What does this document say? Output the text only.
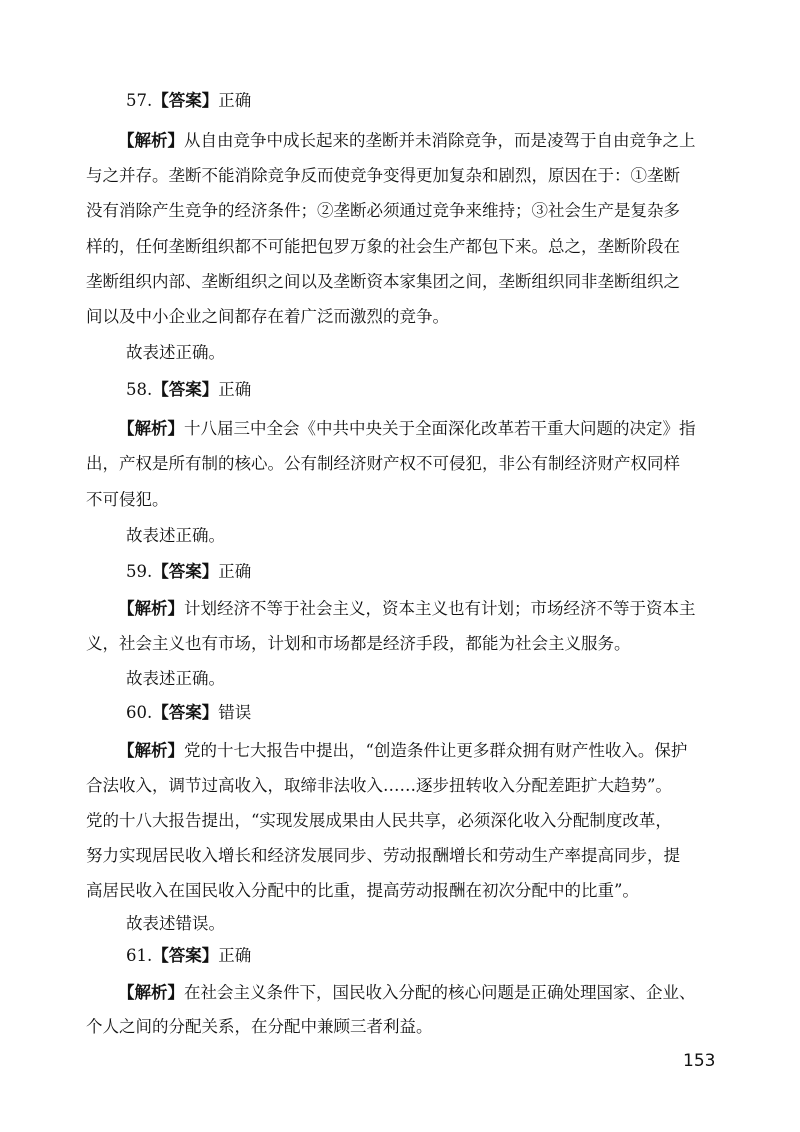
57.【答案】正确
【解析】从自由竞争中成长起来的垄断并未消除竞争，而是凌驾于自由竞争之上
与之并存。垄断不能消除竞争反而使竞争变得更加复杂和剧烈，原因在于：①垄断
没有消除产生竞争的经济条件；②垄断必须通过竞争来维持；③社会生产是复杂多
样的，任何垄断组织都不可能把包罗万象的社会生产都包下来。总之，垄断阶段在
垄断组织内部、垄断组织之间以及垄断资本家集团之间，垄断组织同非垄断组织之
间以及中小企业之间都存在着广泛而激烈的竞争。
故表述正确。
58.【答案】正确
【解析】十八届三中全会《中共中央关于全面深化改革若干重大问题的决定》指
出，产权是所有制的核心。公有制经济财产权不可侵犯，非公有制经济财产权同样
不可侵犯。
故表述正确。
59.【答案】正确
【解析】计划经济不等于社会主义，资本主义也有计划；市场经济不等于资本主
义，社会主义也有市场，计划和市场都是经济手段，都能为社会主义服务。
故表述正确。
60.【答案】错误
【解析】党的十七大报告中提出，“创造条件让更多群众拥有财产性收入。保护
合法收入，调节过高收入，取缔非法收入……逐步扭转收入分配差距扩大趋势”。
党的十八大报告提出，“实现发展成果由人民共享，必须深化收入分配制度改革，
努力实现居民收入增长和经济发展同步、劳动报酬增长和劳动生产率提高同步，提
高居民收入在国民收入分配中的比重，提高劳动报酬在初次分配中的比重”。
故表述错误。
61.【答案】正确
【解析】在社会主义条件下，国民收入分配的核心问题是正确处理国家、企业、
个人之间的分配关系，在分配中兼顾三者利益。
153
